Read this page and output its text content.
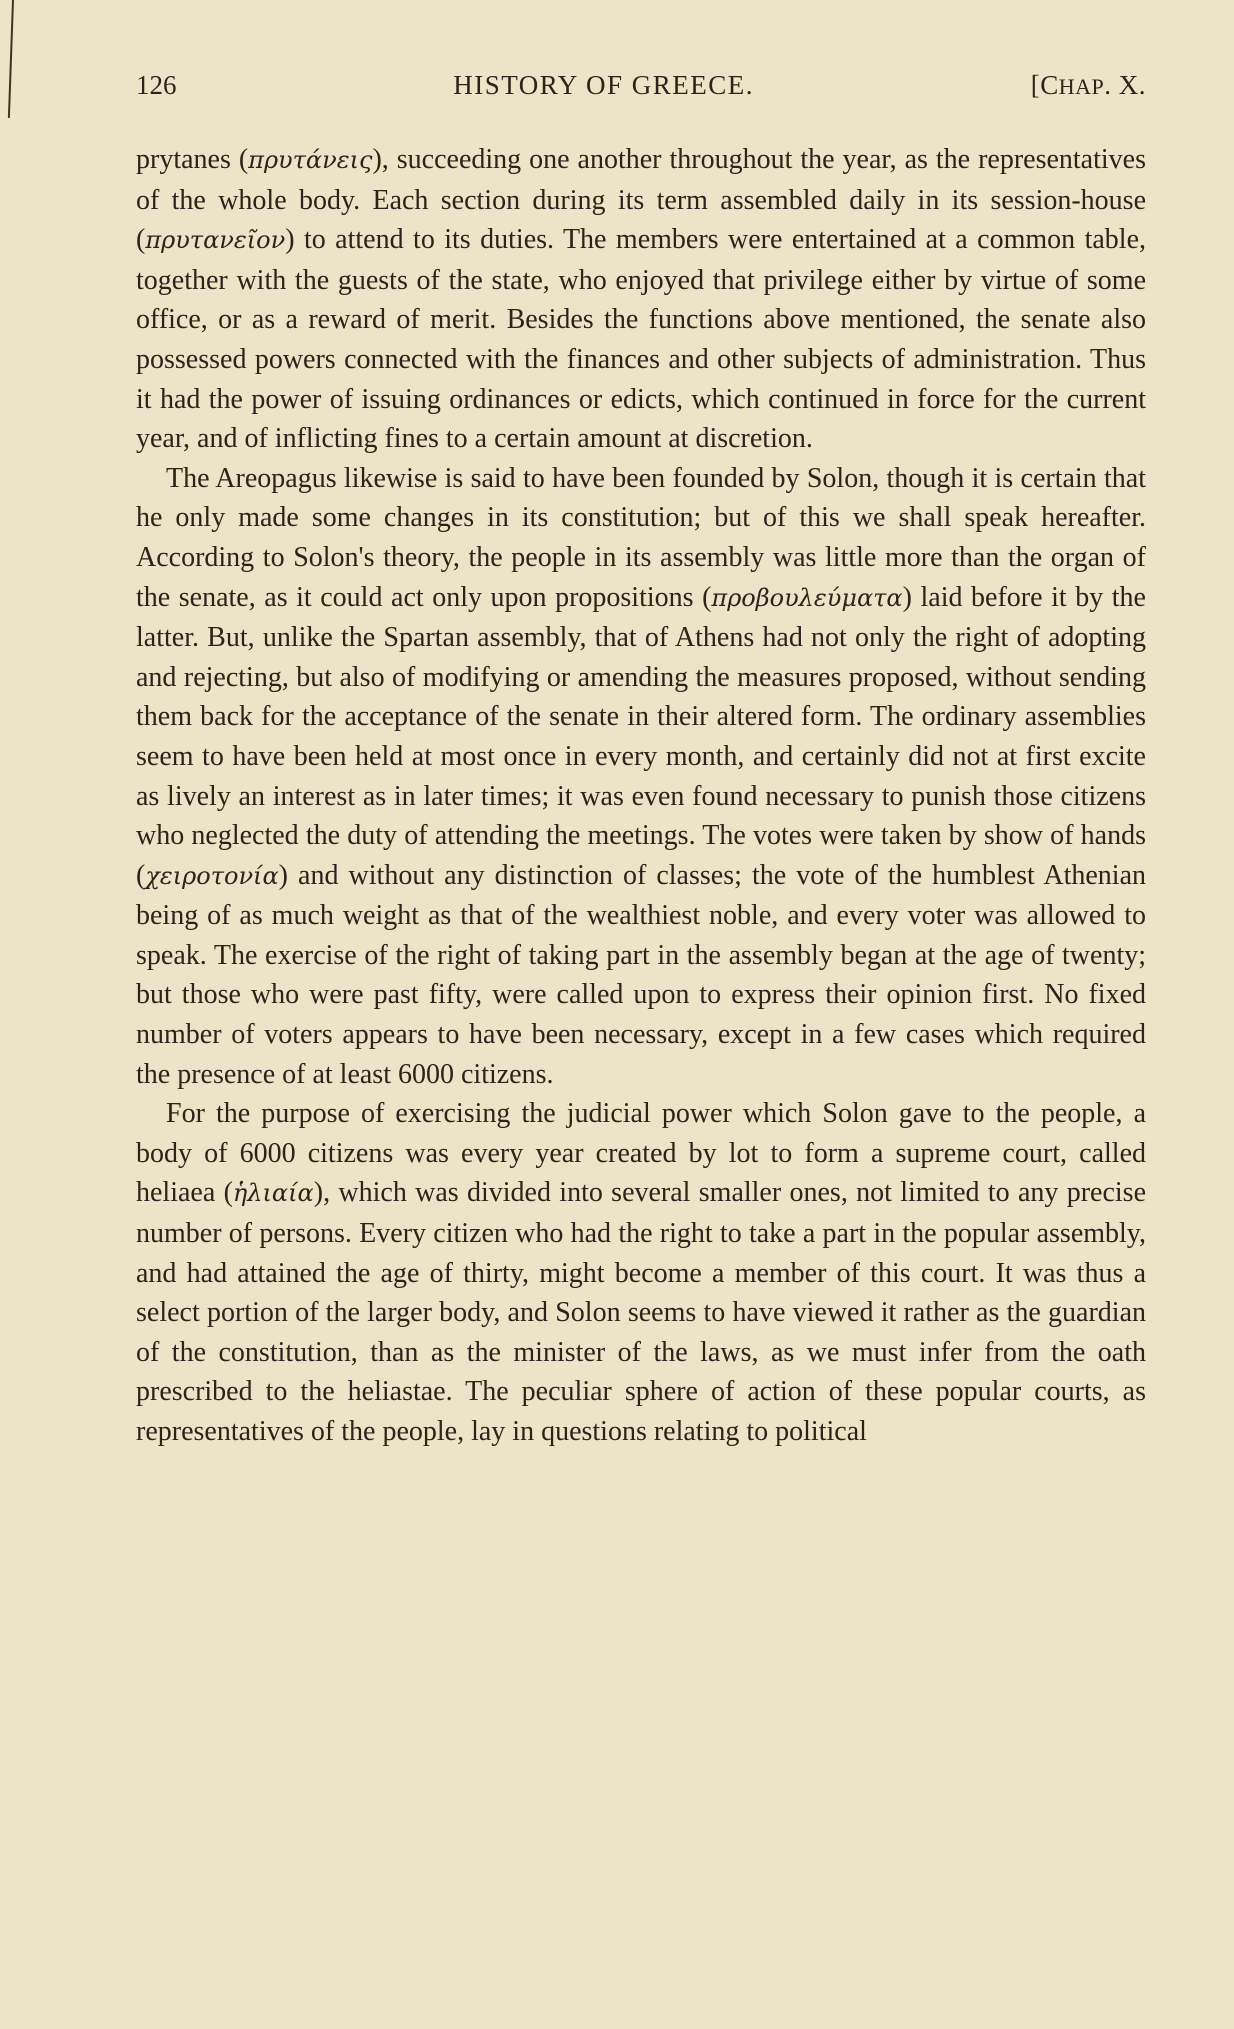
126	HISTORY OF GREECE.	[CHAP. X.

prytanes (πρυτάνεις), succeeding one another throughout the year, as the representatives of the whole body. Each section during its term assembled daily in its session-house (πρυτανεῖον) to attend to its duties. The members were entertained at a common table, together with the guests of the state, who enjoyed that privilege either by virtue of some office, or as a reward of merit. Besides the functions above mentioned, the senate also possessed powers connected with the finances and other subjects of administration. Thus it had the power of issuing ordinances or edicts, which continued in force for the current year, and of inflicting fines to a certain amount at discretion.

The Areopagus likewise is said to have been founded by Solon, though it is certain that he only made some changes in its constitution; but of this we shall speak hereafter. According to Solon's theory, the people in its assembly was little more than the organ of the senate, as it could act only upon propositions (προβουλεύματα) laid before it by the latter. But, unlike the Spartan assembly, that of Athens had not only the right of adopting and rejecting, but also of modifying or amending the measures proposed, without sending them back for the acceptance of the senate in their altered form. The ordinary assemblies seem to have been held at most once in every month, and certainly did not at first excite as lively an interest as in later times; it was even found necessary to punish those citizens who neglected the duty of attending the meetings. The votes were taken by show of hands (χειροτονία) and without any distinction of classes; the vote of the humblest Athenian being of as much weight as that of the wealthiest noble, and every voter was allowed to speak. The exercise of the right of taking part in the assembly began at the age of twenty; but those who were past fifty, were called upon to express their opinion first. No fixed number of voters appears to have been necessary, except in a few cases which required the presence of at least 6000 citizens.

For the purpose of exercising the judicial power which Solon gave to the people, a body of 6000 citizens was every year created by lot to form a supreme court, called heliaea (ἡλιαία), which was divided into several smaller ones, not limited to any precise number of persons. Every citizen who had the right to take a part in the popular assembly, and had attained the age of thirty, might become a member of this court. It was thus a select portion of the larger body, and Solon seems to have viewed it rather as the guardian of the constitution, than as the minister of the laws, as we must infer from the oath prescribed to the heliastae. The peculiar sphere of action of these popular courts, as representatives of the people, lay in questions relating to political
